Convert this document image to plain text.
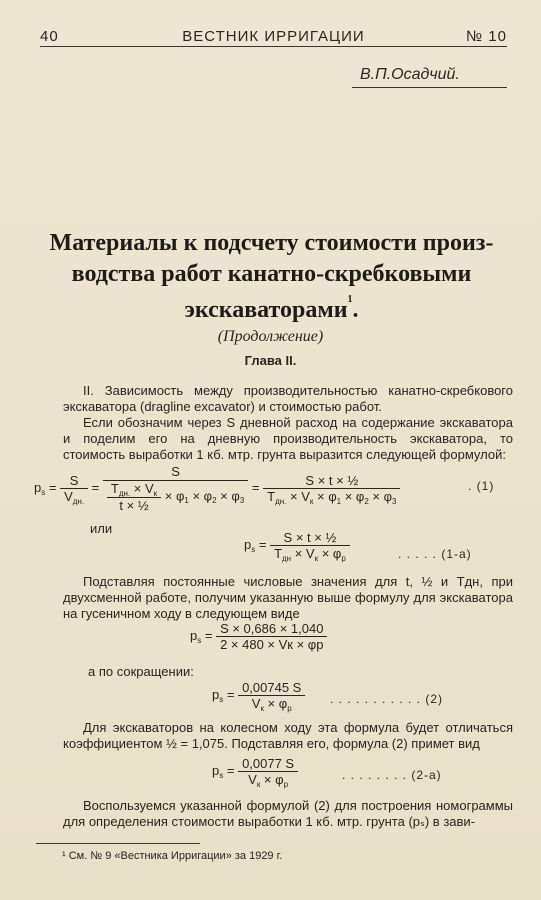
40	ВЕСТНИК ИРРИГАЦИИ	№ 10
В.П.Осадчий.
Материалы к подсчету стоимости произ-
водства работ канатно-скребковыми
экскаваторами$^1$.
(Продолжение)
Глава II.
II. Зависимость между производительностью канатно-скребкового экскаватора (dragline excavator) и стоимостью работ.
Если обозначим через S дневной расход на содержание экскаватора и поделим его на дневную производительность экскаватора, то стоимость выработки 1 кб. мтр. грунта выразится следующей формулой:
$p_s = \frac{S}{V_{дн.}} = \frac{S}{\frac{T_{дн.} \times V_к}{\text{t × ½}} \times \varphi_1 \times \varphi_2 \times \varphi_3} = \frac{\text{S × t × ½}}{T_{дн.} \times V_к \times \varphi_1 \times \varphi_2 \times \varphi_3}$	. (1)
или
$p_s = \frac{\text{S × t × ½}}{T_{дн} \times V_к \times \varphi_р}$	. . . . . (1-а)
Подставляя постоянные числовые значения для t, ½ и Tдн, при двухсменной работе, получим указанную выше формулу для экскаватора на гусеничном ходу в следующем виде
$p_s = \frac{S \times 0,686 \times 1,040}{2 \times 480 \times Vк \times \varphi p}$
а по сокращении:
$p_s = \frac{0,00745 S}{V_к \times \varphi_р}$ . . . . . . . . . . . (2)
Для экскаваторов на колесном ходу эта формула будет отличаться коэффициентом ½ = 1,075. Подставляя его, формула (2) примет вид
$p_s = \frac{0,0077 S}{V_к \times \varphi_р}$	. . . . . . . . (2-а)
Воспользуемся указанной формулой (2) для построения номограммы для определения стоимости выработки 1 кб. мтр. грунта (pₛ) в зави-
¹ См. № 9 «Вестника Ирригации» за 1929 г.
